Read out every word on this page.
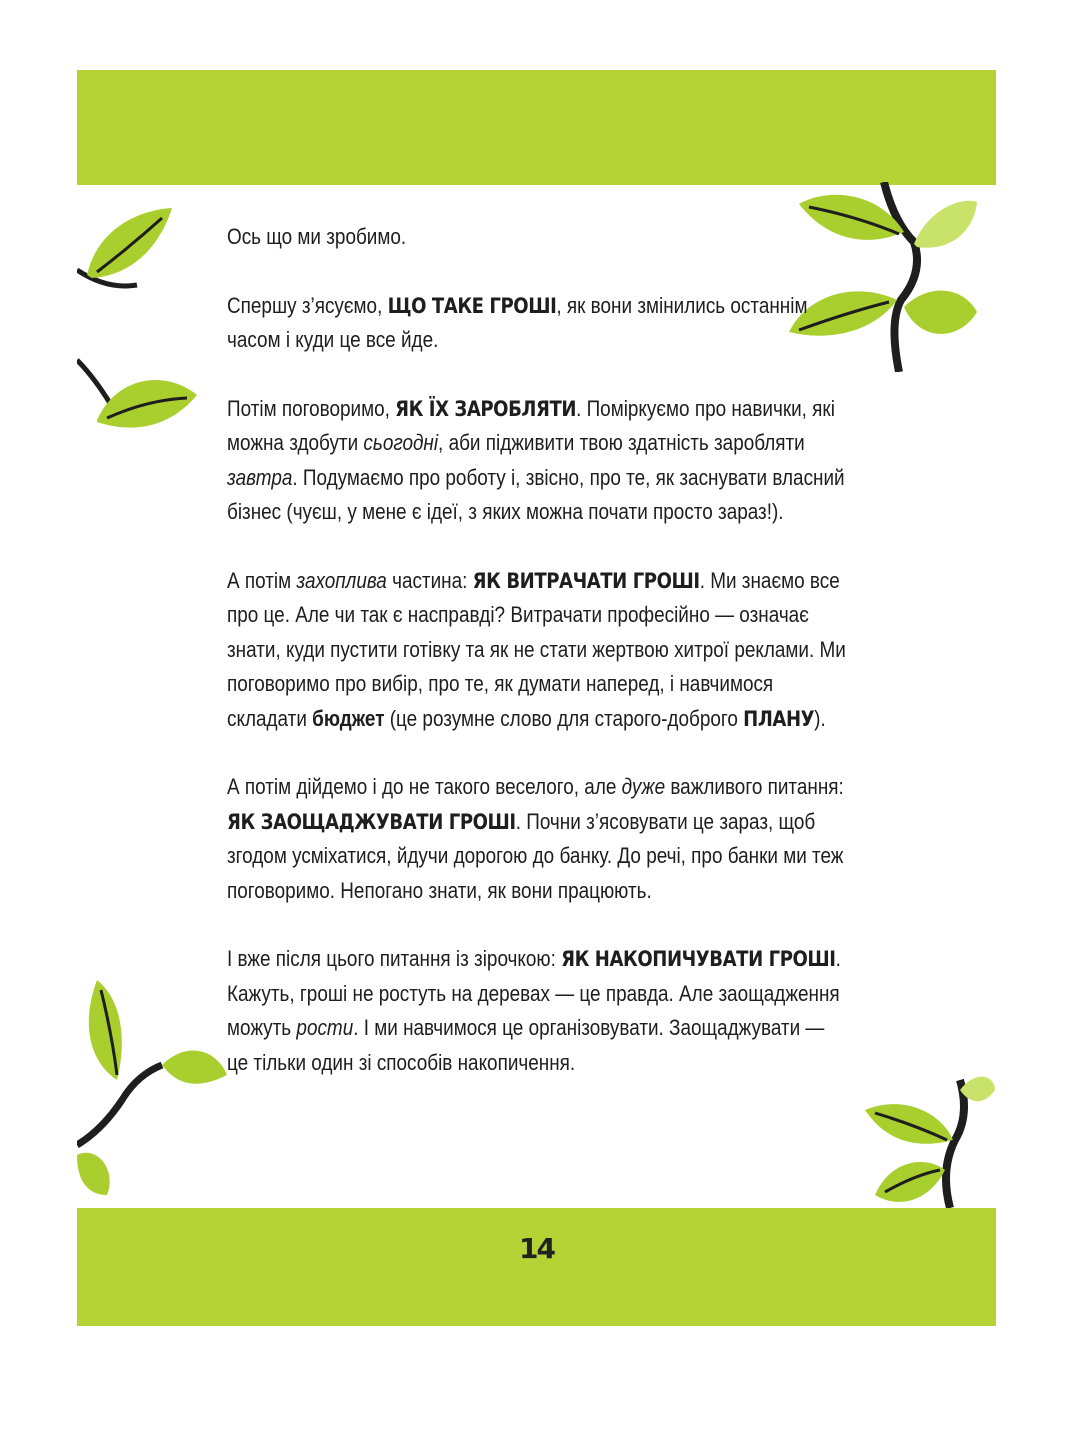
Ось що ми зробимо.

Спершу з’ясуємо, ЩО ТАКЕ ГРОШІ, як вони змінились останнім часом і куди це все йде.

Потім поговоримо, ЯК ЇХ ЗАРОБЛЯТИ. Поміркуємо про навички, які можна здобути сьогодні, аби підживити твою здатність заробляти завтра. Подумаємо про роботу і, звісно, про те, як заснувати власний бізнес (чуєш, у мене є ідеї, з яких можна почати просто зараз!).

А потім захоплива частина: ЯК ВИТРАЧАТИ ГРОШІ. Ми знаємо все про це. Але чи так є насправді? Витрачати професійно — означає знати, куди пустити готівку та як не стати жертвою хитрої реклами. Ми поговоримо про вибір, про те, як думати наперед, і навчимося складати бюджет (це розумне слово для старого-доброго ПЛАНУ).

А потім дійдемо і до не такого веселого, але дуже важливого питання: ЯК ЗАОЩАДЖУВАТИ ГРОШІ. Почни з’ясовувати це зараз, щоб згодом усміхатися, йдучи дорогою до банку. До речі, про банки ми теж поговоримо. Непогано знати, як вони працюють.

І вже після цього питання із зірочкою: ЯК НАКОПИЧУВАТИ ГРОШІ. Кажуть, гроші не ростуть на деревах — це правда. Але заощадження можуть рости. І ми навчимося це організовувати. Заощаджувати — це тільки один зі способів накопичення.

14
